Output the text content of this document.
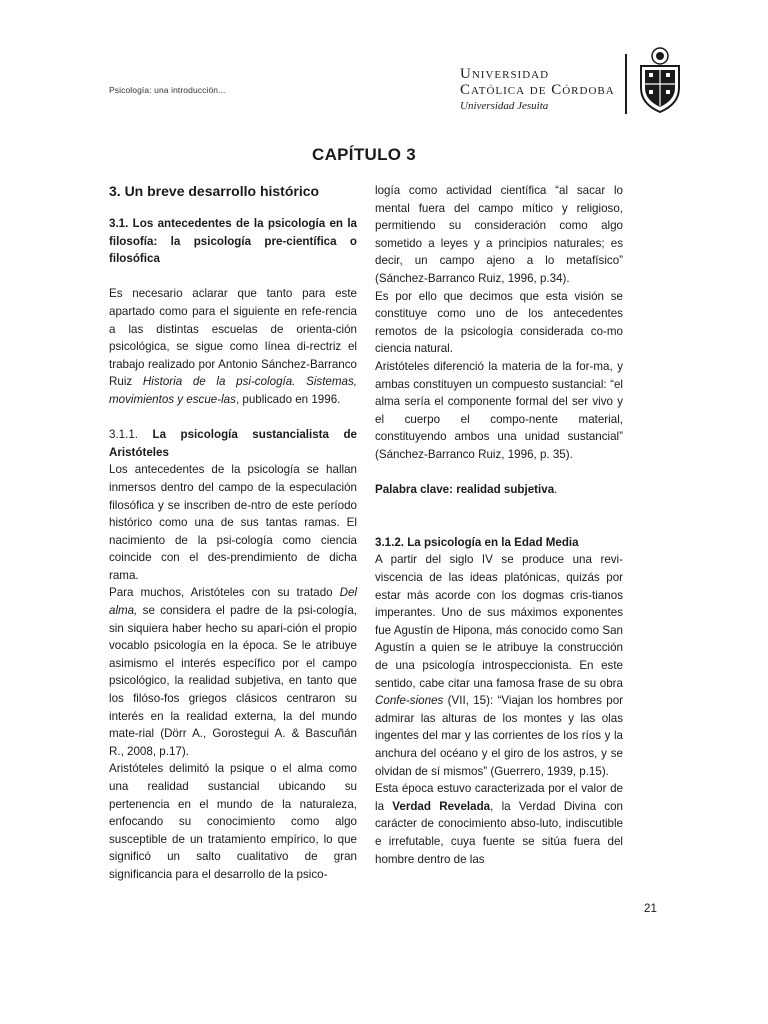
Psicología: una introducción...
Universidad
Católica de Córdoba
Universidad Jesuita
CAPÍTULO 3

3. Un breve desarrollo histórico

3.1. Los antecedentes de la psicología en la filosofía: la psicología pre-científica o filosófica

Es necesario aclarar que tanto para este apartado como para el siguiente en refe-rencia a las distintas escuelas de orienta-ción psicológica, se sigue como línea di-rectriz el trabajo realizado por Antonio Sánchez-Barranco Ruiz Historia de la psi-cología. Sistemas, movimientos y escue-las, publicado en 1996.

3.1.1. La psicología sustancialista de Aristóteles

Los antecedentes de la psicología se hallan inmersos dentro del campo de la especulación filosófica y se inscriben de-ntro de este período histórico como una de sus tantas ramas. El nacimiento de la psi-cología como ciencia coincide con el des-prendimiento de dicha rama.

Para muchos, Aristóteles con su tratado Del alma, se considera el padre de la psi-cología, sin siquiera haber hecho su apari-ción el propio vocablo psicología en la época. Se le atribuye asimismo el interés específico por el campo psicológico, la realidad subjetiva, en tanto que los filóso-fos griegos clásicos centraron su interés en la realidad externa, la del mundo mate-rial (Dörr A., Gorostegui A. & Bascuñán R., 2008, p.17).

Aristóteles delimitó la psique o el alma como una realidad sustancial ubicando su pertenencia en el mundo de la naturaleza, enfocando su conocimiento como algo susceptible de un tratamiento empírico, lo que significó un salto cualitativo de gran significancia para el desarrollo de la psico-

logía como actividad científica “al sacar lo mental fuera del campo mítico y religioso, permitiendo su consideración como algo sometido a leyes y a principios naturales; es decir, un campo ajeno a lo metafísico” (Sánchez-Barranco Ruiz, 1996, p.34).

Es por ello que decimos que esta visión se constituye como uno de los antecedentes remotos de la psicología considerada co-mo ciencia natural.

Aristóteles diferenció la materia de la for-ma, y ambas constituyen un compuesto sustancial: “el alma sería el componente formal del ser vivo y el cuerpo el compo-nente material, constituyendo ambos una unidad sustancial” (Sánchez-Barranco Ruiz, 1996, p. 35).

Palabra clave: realidad subjetiva.

3.1.2. La psicología en la Edad Media

A partir del siglo IV se produce una revi-viscencia de las ideas platónicas, quizás por estar más acorde con los dogmas cris-tianos imperantes. Uno de sus máximos exponentes fue Agustín de Hipona, más conocido como San Agustín a quien se le atribuye la construcción de una psicología introspeccionista. En este sentido, cabe citar una famosa frase de su obra Confe-siones (VII, 15): “Viajan los hombres por admirar las alturas de los montes y las olas ingentes del mar y las corrientes de los ríos y la anchura del océano y el giro de los astros, y se olvidan de sí mismos” (Guerrero, 1939, p.15).

Esta época estuvo caracterizada por el valor de la Verdad Revelada, la Verdad Divina con carácter de conocimiento abso-luto, indiscutible e irrefutable, cuya fuente se sitúa fuera del hombre dentro de las

21
